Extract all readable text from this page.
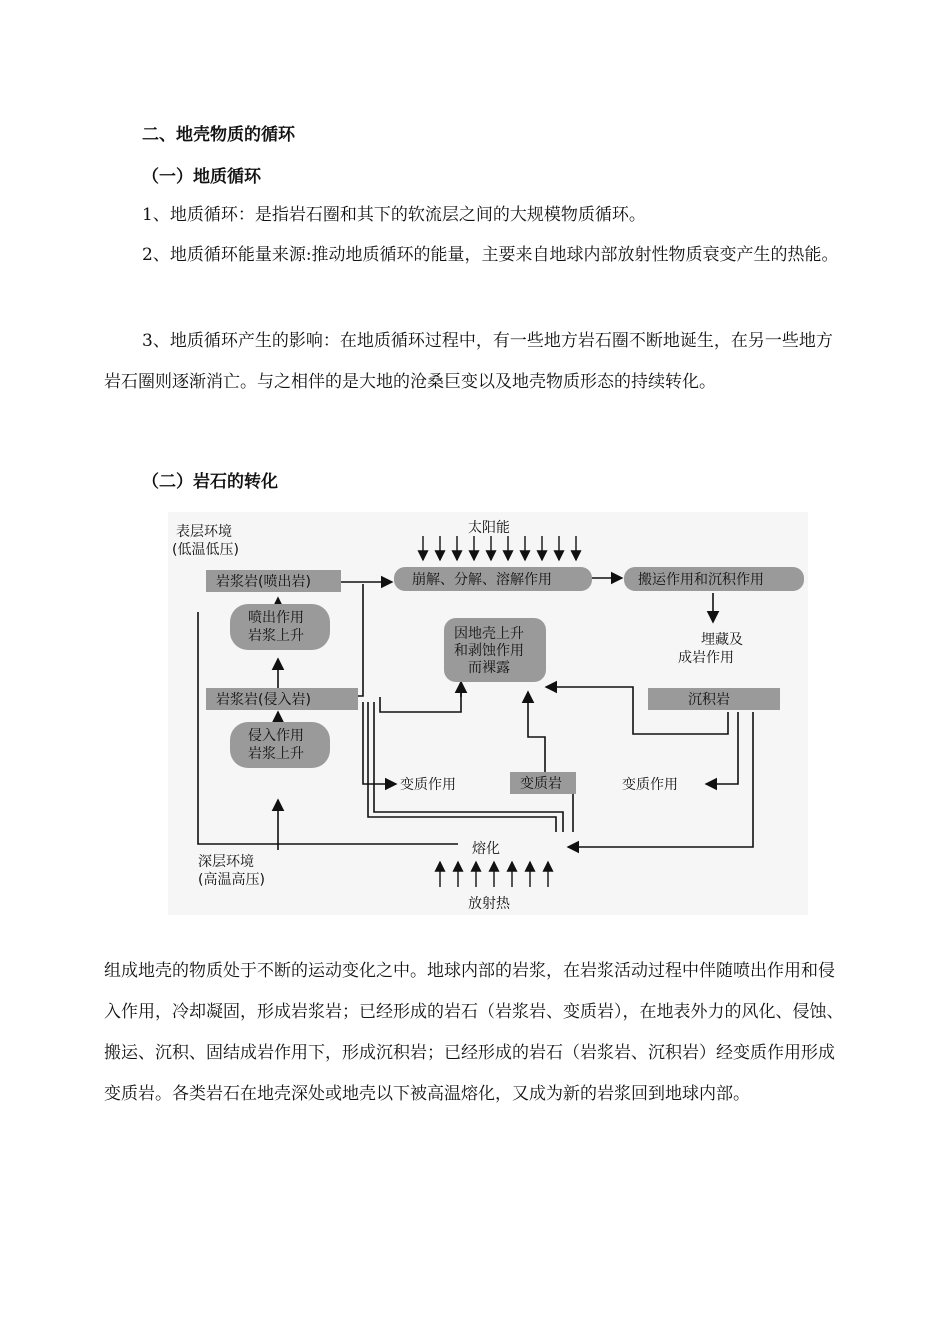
二、地壳物质的循环
（一）地质循环
1、地质循环：是指岩石圈和其下的软流层之间的大规模物质循环。
2、地质循环能量来源:推动地质循环的能量，主要来自地球内部放射性物质衰变产生的热能。
3、地质循环产生的影响：在地质循环过程中，有一些地方岩石圈不断地诞生，在另一些地方岩石圈则逐渐消亡。与之相伴的是大地的沧桑巨变以及地壳物质形态的持续转化。
（二）岩石的转化
表层环境
(低温低压)
太阳能
岩浆岩(喷出岩)	崩解、分解、溶解作用	搬运作用和沉积作用
喷出作用
岩浆上升	因地壳上升
和剥蚀作用
而裸露
埋藏及
成岩作用
岩浆岩(侵入岩)	沉积岩
侵入作用
岩浆上升
变质作用	变质岩	变质作用
熔化
深层环境
(高温高压)
放射热
组成地壳的物质处于不断的运动变化之中。地球内部的岩浆，在岩浆活动过程中伴随喷出作用和侵入作用，冷却凝固，形成岩浆岩；已经形成的岩石（岩浆岩、变质岩），在地表外力的风化、侵蚀、搬运、沉积、固结成岩作用下，形成沉积岩；已经形成的岩石（岩浆岩、沉积岩）经变质作用形成变质岩。各类岩石在地壳深处或地壳以下被高温熔化，又成为新的岩浆回到地球内部。
